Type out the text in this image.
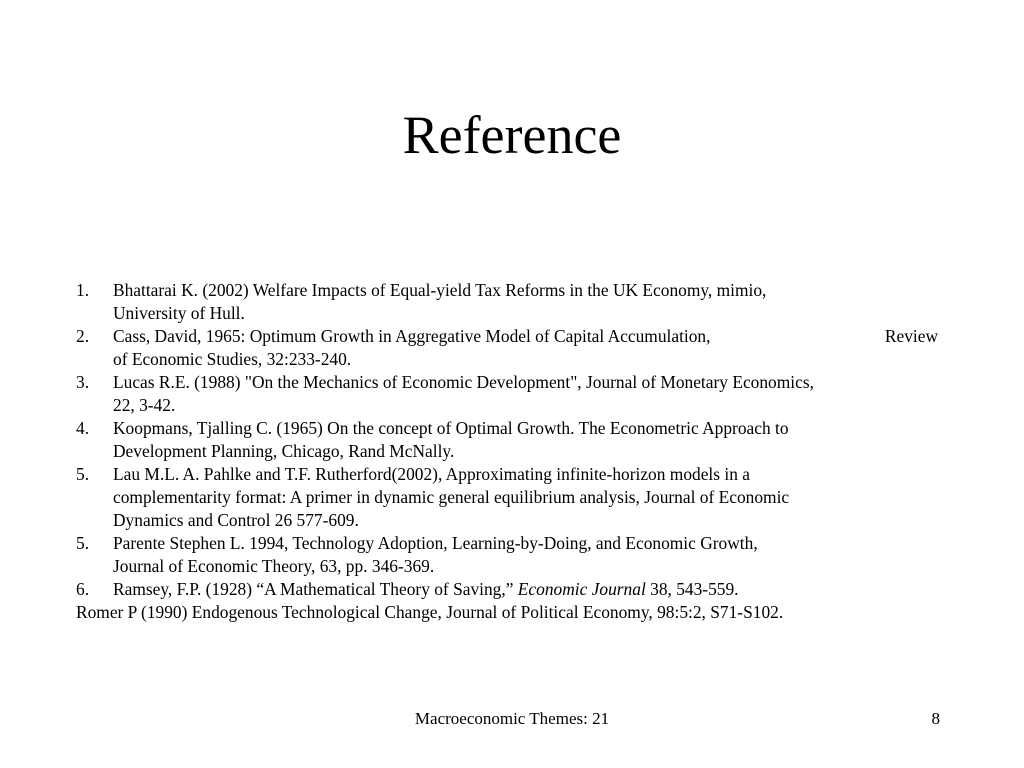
Reference
1.	Bhattarai K. (2002) Welfare Impacts of Equal-yield Tax Reforms in the UK Economy, mimio,
University of Hull.
2.	Cass, David, 1965: Optimum Growth in Aggregative Model of Capital Accumulation,	Review
of Economic Studies, 32:233-240.
3.	Lucas R.E. (1988) "On the Mechanics of Economic Development", Journal of Monetary Economics,
22, 3-42.
4.	Koopmans, Tjalling C. (1965) On the concept of Optimal Growth. The Econometric Approach to
Development Planning, Chicago, Rand McNally.
5.	Lau M.L. A. Pahlke and T.F. Rutherford(2002), Approximating infinite-horizon models in a
complementarity format: A primer in dynamic general equilibrium analysis, Journal of Economic
Dynamics and Control 26 577-609.
5.	Parente Stephen L. 1994, Technology Adoption, Learning-by-Doing, and Economic Growth,
Journal of Economic Theory, 63, pp. 346-369.
6.	Ramsey, F.P. (1928) “A Mathematical Theory of Saving,” Economic Journal 38, 543-559.
Romer P (1990) Endogenous Technological Change, Journal of Political Economy, 98:5:2, S71-S102.
Macroeconomic Themes: 21	8
